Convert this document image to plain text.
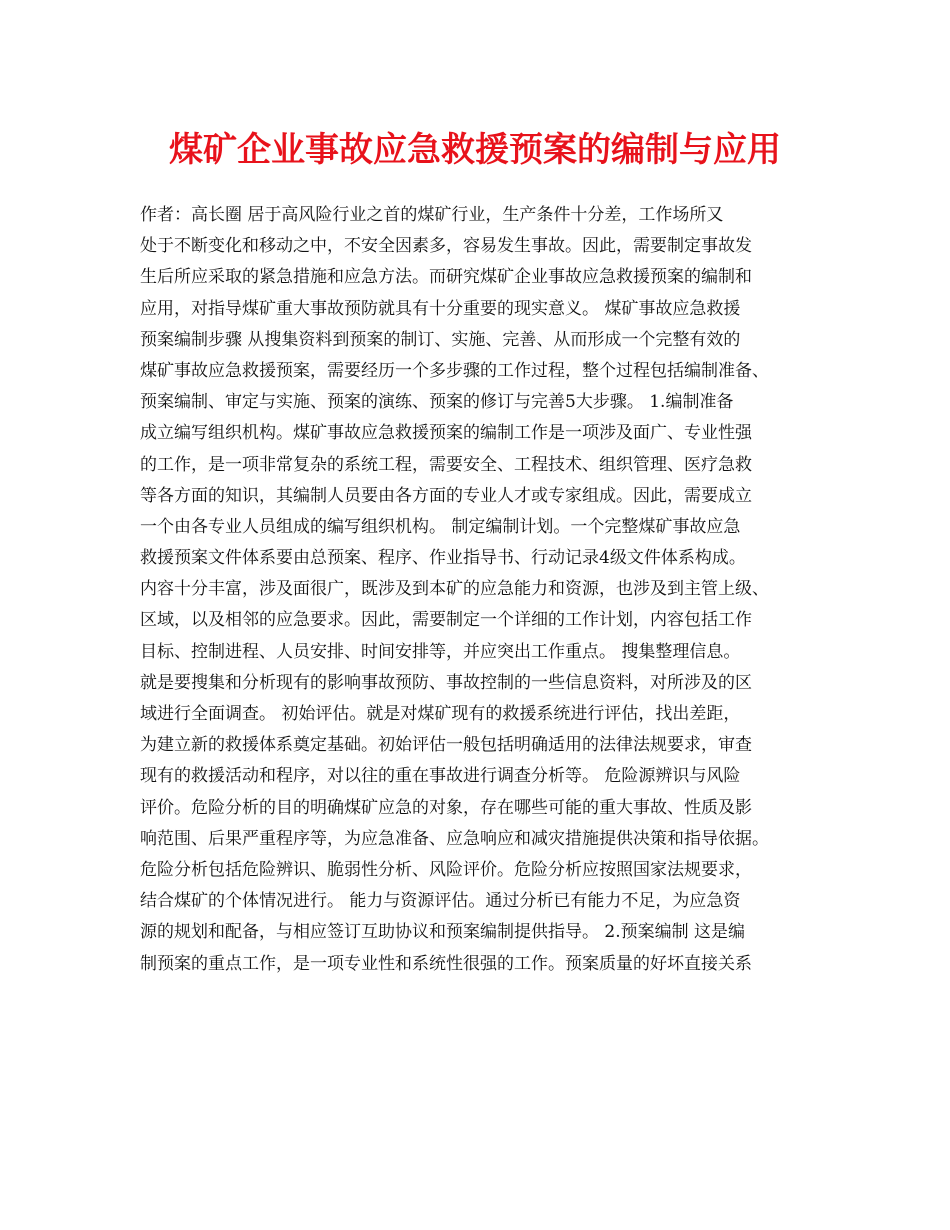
煤矿企业事故应急救援预案的编制与应用
作者：高长圈 居于高风险行业之首的煤矿行业，生产条件十分差，工作场所又
处于不断变化和移动之中，不安全因素多，容易发生事故。因此，需要制定事故发
生后所应采取的紧急措施和应急方法。而研究煤矿企业事故应急救援预案的编制和
应用，对指导煤矿重大事故预防就具有十分重要的现实意义。 煤矿事故应急救援
预案编制步骤 从搜集资料到预案的制订、实施、完善、从而形成一个完整有效的
煤矿事故应急救援预案，需要经历一个多步骤的工作过程，整个过程包括编制准备、
预案编制、审定与实施、预案的演练、预案的修订与完善5大步骤。 1.编制准备
成立编写组织机构。煤矿事故应急救援预案的编制工作是一项涉及面广、专业性强
的工作，是一项非常复杂的系统工程，需要安全、工程技术、组织管理、医疗急救
等各方面的知识，其编制人员要由各方面的专业人才或专家组成。因此，需要成立
一个由各专业人员组成的编写组织机构。 制定编制计划。一个完整煤矿事故应急
救援预案文件体系要由总预案、程序、作业指导书、行动记录4级文件体系构成。
内容十分丰富，涉及面很广，既涉及到本矿的应急能力和资源，也涉及到主管上级、
区域，以及相邻的应急要求。因此，需要制定一个详细的工作计划，内容包括工作
目标、控制进程、人员安排、时间安排等，并应突出工作重点。 搜集整理信息。
就是要搜集和分析现有的影响事故预防、事故控制的一些信息资料，对所涉及的区
域进行全面调查。 初始评估。就是对煤矿现有的救援系统进行评估，找出差距，
为建立新的救援体系奠定基础。初始评估一般包括明确适用的法律法规要求，审查
现有的救援活动和程序，对以往的重在事故进行调查分析等。 危险源辨识与风险
评价。危险分析的目的明确煤矿应急的对象，存在哪些可能的重大事故、性质及影
响范围、后果严重程序等，为应急准备、应急响应和减灾措施提供决策和指导依据。
危险分析包括危险辨识、脆弱性分析、风险评价。危险分析应按照国家法规要求，
结合煤矿的个体情况进行。 能力与资源评估。通过分析已有能力不足，为应急资
源的规划和配备，与相应签订互助协议和预案编制提供指导。 2.预案编制 这是编
制预案的重点工作，是一项专业性和系统性很强的工作。预案质量的好坏直接关系
